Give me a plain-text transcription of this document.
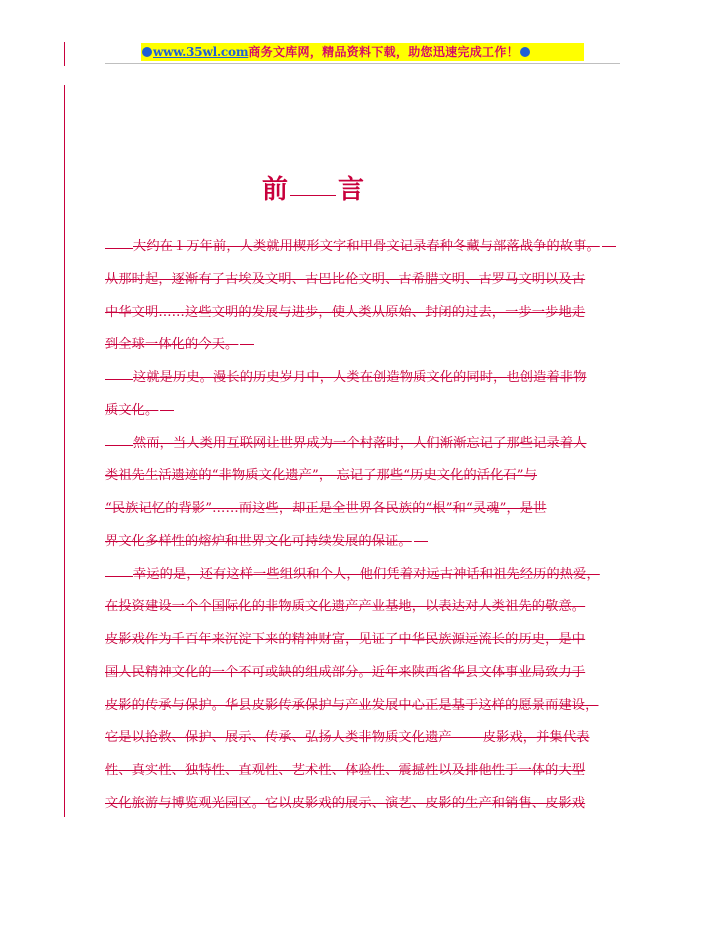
www.35wl.com 商务文库网，精品资料下载，助您迅速完成工作！
前 言
大约在１万年前，人类就用楔形文字和甲骨文记录春种冬藏与部落战争的故事。
从那时起，逐渐有了古埃及文明、古巴比伦文明、古希腊文明、古罗马文明以及古
中华文明……这些文明的发展与进步，使人类从原始、封闭的过去，一步一步地走
到全球一体化的今天。
这就是历史。漫长的历史岁月中，人类在创造物质文化的同时，也创造着非物
质文化。
然而，当人类用互联网让世界成为一个村落时，人们渐渐忘记了那些记录着人
类祖先生活遗迹的“非物质文化遗产”， 忘记了那些“历史文化的活化石”与
“民族记忆的背影”……而这些，却正是全世界各民族的“根”和“灵魂”，是世
界文化多样性的熔炉和世界文化可持续发展的保证。
幸运的是，还有这样一些组织和个人，他们凭着对远古神话和祖先经历的热爱，
在投资建设一个个国际化的非物质文化遗产产业基地，以表达对人类祖先的敬意。
皮影戏作为千百年来沉淀下来的精神财富，见证了中华民族源远流长的历史，是中
国人民精神文化的一个不可或缺的组成部分。近年来陕西省华县文体事业局致力于
皮影的传承与保护。华县皮影传承保护与产业发展中心正是基于这样的愿景而建设，
它是以抢救、保护、展示、传承、弘扬人类非物质文化遗产 ——皮影戏，并集代表
性、真实性、独特性、直观性、艺术性、体验性、震撼性以及排他性于一体的大型
文化旅游与博览观光园区。它以皮影戏的展示、演艺、皮影的生产和销售、皮影戏
